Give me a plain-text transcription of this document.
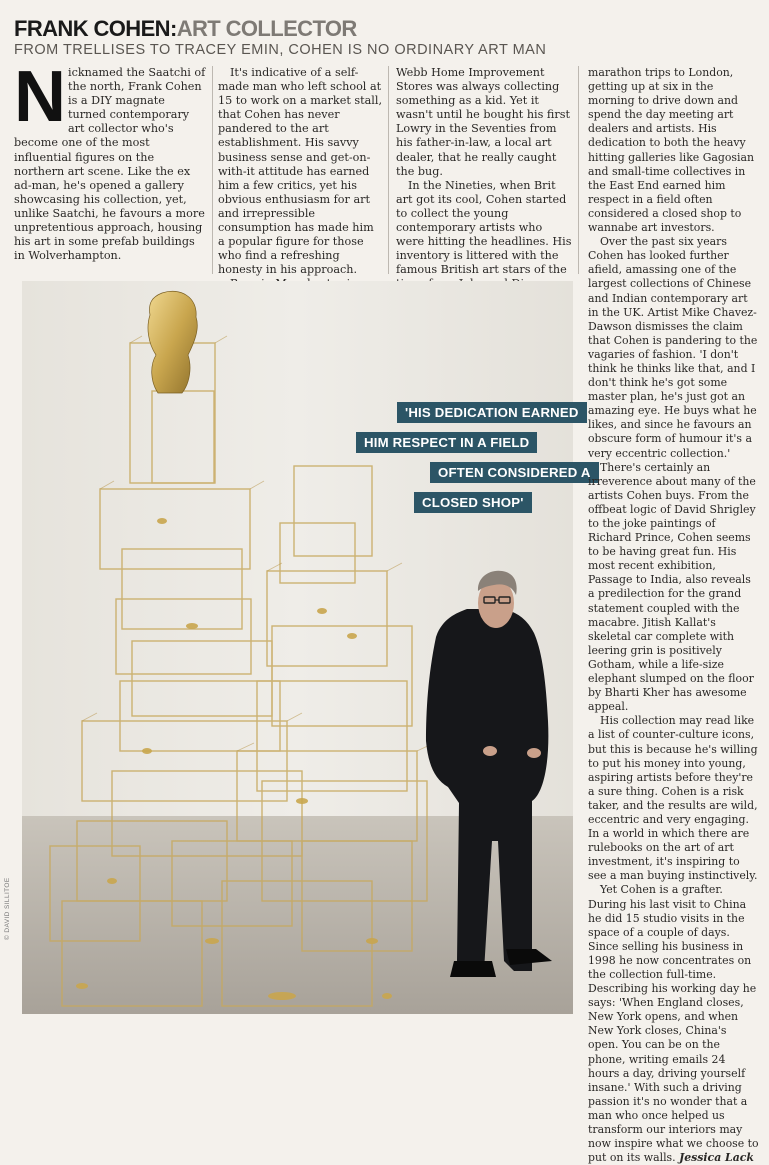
FRANK COHEN:ART COLLECTOR
FROM TRELLISES TO TRACEY EMIN, COHEN IS NO ORDINARY ART MAN

Nicknamed the Saatchi of the north, Frank Cohen is a DIY magnate turned contemporary art collector who's become one of the most influential figures on the northern art scene. Like the ex ad-man, he's opened a gallery showcasing his collection, yet, unlike Saatchi, he favours a more unpretentious approach, housing his art in some prefab buildings in Wolverhampton.

It's indicative of a self-made man who left school at 15 to work on a market stall, that Cohen has never pandered to the art establishment. His savvy business sense and get-on-with-it attitude has earned him a few critics, yet his obvious enthusiasm for art and irrepressible consumption has made him a popular figure for those who find a refreshing honesty in his approach.

Webb Home Improvement Stores was always collecting something as a kid. Yet it wasn't until he bought his first Lowry in the Seventies from his father-in-law, a local art dealer, that he really caught the bug.

In the Nineties, when Brit art got its cool, Cohen started to collect the young contemporary artists who were hitting the headlines. His inventory is littered with the famous British art stars of the

'HIS DEDICATION EARNED
HIM RESPECT IN A FIELD
OFTEN CONSIDERED A
CLOSED SHOP'

marathon trips to London, getting up at six in the morning to drive down and spend the day meeting art dealers and artists. His dedication to both the heavy hitting galleries like Gagosian and small-time collectives in the East End earned him respect in a field often considered a closed shop to wannabe art investors.

Over the past six years Cohen has looked further afield, amassing one of the largest collections of Chinese and Indian contemporary art in the UK. Artist Mike Chavez-Dawson dismisses the claim that Cohen is pandering to the vagaries of fashion. 'I don't think he thinks like that, and I don't think he's got some master plan, he's just got an amazing eye. He buys what he likes, and since he favours an obscure form of humour it's a very eccentric collection.'

There's certainly an irreverence about many of the artists Cohen buys. From the offbeat logic of David Shrigley to the joke paintings of Richard Prince, Cohen seems to be having great fun. His most recent exhibition, Passage to India, also reveals a predilection for the grand statement coupled with the macabre. Jitish Kallat's skeletal car complete with leering grin is positively Gotham, while a life-size elephant slumped on the floor by Bharti Kher has awesome appeal.

His collection may read like a list of counter-culture icons, but this is because he's willing to put his money into young, aspiring artists before they're a sure thing. Cohen is a risk taker, and the results are wild, eccentric and very engaging. In a world in which there are rulebooks on the art of art investment, it's inspiring to see a man buying instinctively.

Yet Cohen is a grafter. During his last visit to China he did 15 studio visits in the space of a couple of days. Since selling his business in 1998 he now concentrates on the collection full-time. Describing his working day he says: 'When England closes, New York opens, and when New York closes, China's open. You can be on the phone, writing emails 24 hours a day, driving yourself insane.' With such a driving passion it's no wonder that a man who once helped us transform our interiors may now inspire what we choose to put on its walls. Jessica Lack

© DAVID SILLITOE
